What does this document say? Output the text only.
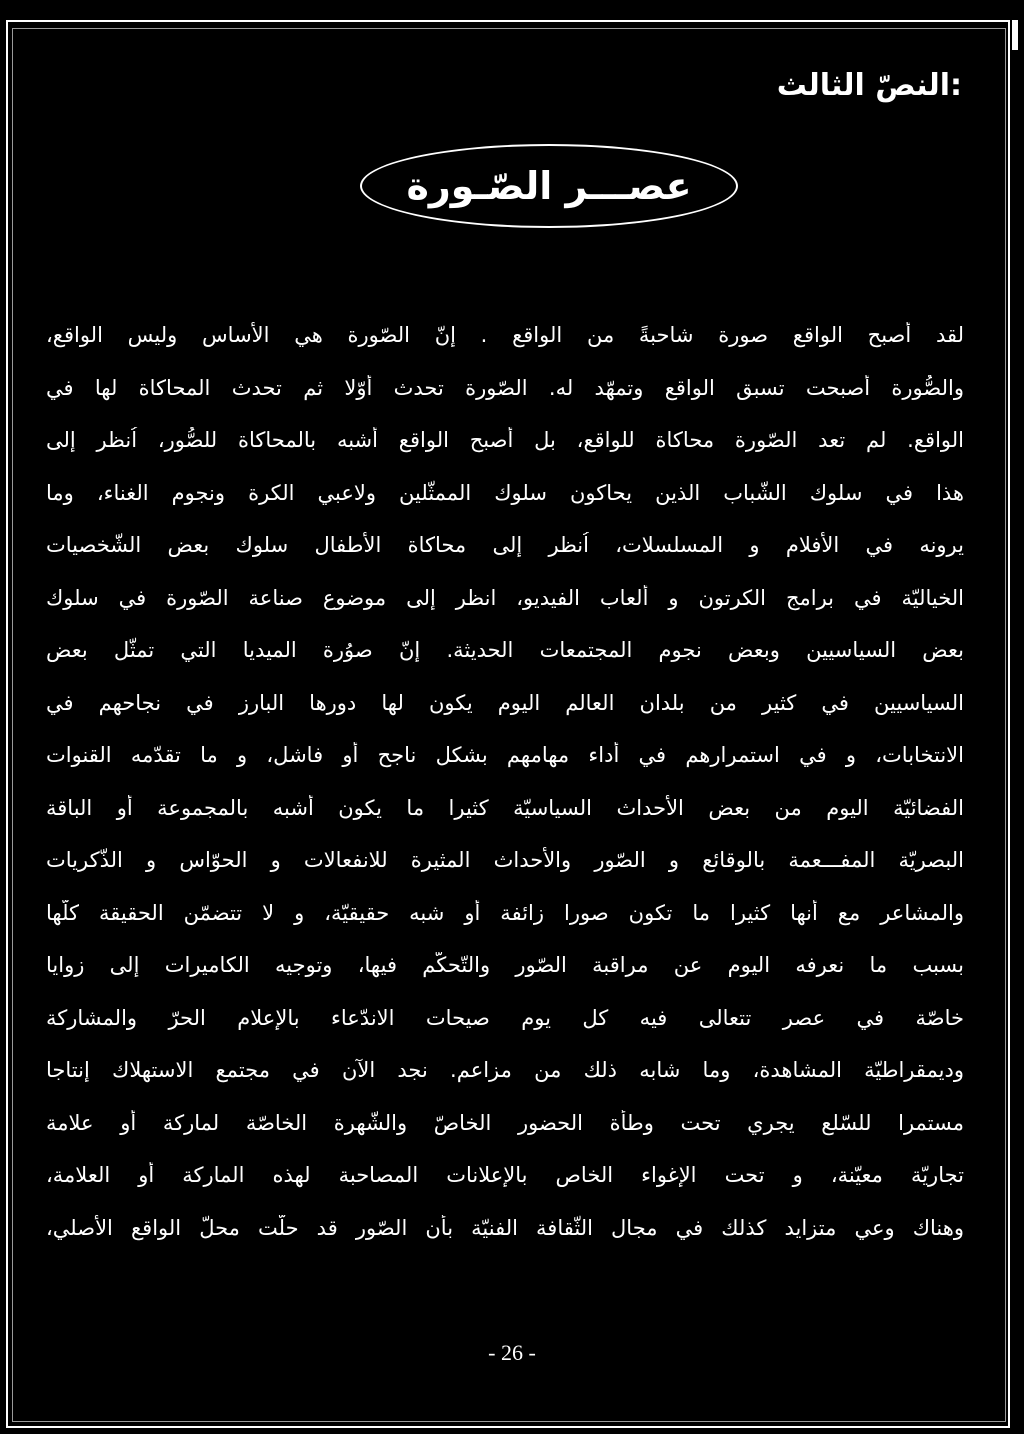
:النصّ الثالث
عصـــر الصّـورة
لقد أصبح الواقع صورة شاحبةً من الواقع . إنّ الصّورة هي الأساس وليس الواقع،
والصُّورة أصبحت تسبق الواقع وتمهّد له. الصّورة تحدث أوّلا ثم تحدث المحاكاة لها في
الواقع. لم تعد الصّورة محاكاة للواقع، بل أصبح الواقع أشبه بالمحاكاة للصُّور، اُنظر إلى
هذا في سلوك الشّباب الذين يحاكون سلوك الممثّلين ولاعبي الكرة ونجوم الغناء، وما
يرونه في الأفلام و المسلسلات، اُنظر إلى محاكاة الأطفال سلوك بعض الشّخصيات
الخياليّة في برامج الكرتون و ألعاب الفيديو، انظر إلى موضوع صناعة الصّورة في سلوك
بعض السياسيين وبعض نجوم المجتمعات الحديثة. إنّ صوُرة الميديا التي تمثّل بعض
السياسيين في كثير من بلدان العالم اليوم يكون لها دورها البارز في نجاحهم في
الانتخابات، و في استمرارهم في أداء مهامهم بشكل ناجح أو فاشل، و ما تقدّمه القنوات
الفضائيّة اليوم من بعض الأحداث السياسيّة كثيرا ما يكون أشبه بالمجموعة أو الباقة
البصريّة المفـــعمة بالوقائع و الصّور والأحداث المثيرة للانفعالات و الحوّاس و الذّكريات
والمشاعر مع أنها كثيرا ما تكون صورا زائفة أو شبه حقيقيّة، و لا تتضمّن الحقيقة كلّها
بسبب ما نعرفه اليوم عن مراقبة الصّور والتّحكّم فيها، وتوجيه الكاميرات إلى زوايا
خاصّة في عصر تتعالى فيه كل يوم صيحات الاندّعاء بالإعلام الحرّ والمشاركة
وديمقراطيّة المشاهدة، وما شابه ذلك من مزاعم. نجد الآن في مجتمع الاستهلاك إنتاجا
مستمرا للسّلع يجري تحت وطأة الحضور الخاصّ والشّهرة الخاصّة لماركة أو علامة
تجاريّة معيّنة، و تحت الإغواء الخاص بالإعلانات المصاحبة لهذه الماركة أو العلامة،
وهناك وعي متزايد كذلك في مجال الثّقافة الفنيّة بأن الصّور قد حلّت محلّ الواقع الأصلي،
- 26 -
